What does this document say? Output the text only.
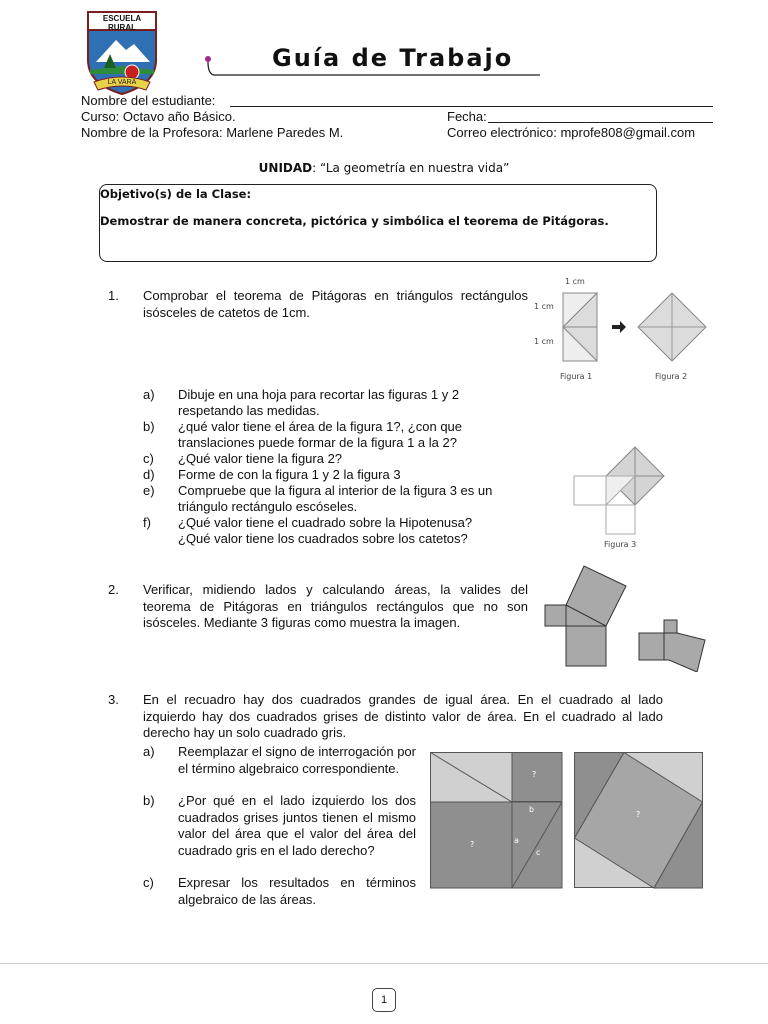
ESCUELA RURAL
LA VARA
Guía de Trabajo
Nombre del estudiante:
Curso: Octavo año Básico.	Fecha:
Nombre de la Profesora: Marlene Paredes M.	Correo electrónico: mprofe808@gmail.com
UNIDAD: “La geometría en nuestra vida”
Objetivo(s) de la Clase:
Demostrar de manera concreta, pictórica y simbólica el teorema de Pitágoras.
1. Comprobar el teorema de Pitágoras en triángulos rectángulos isósceles de catetos de 1cm.
a) Dibuje en una hoja para recortar las figuras 1 y 2
respetando las medidas.
b) ¿qué valor tiene el área de la figura 1?, ¿con que
translaciones puede formar de la figura 1 a la 2?
c) ¿Qué valor tiene la figura 2?
d) Forme de con la figura 1 y 2 la figura 3
e) Compruebe que la figura al interior de la figura 3 es un
triángulo rectángulo escóseles.
f) ¿Qué valor tiene el cuadrado sobre la Hipotenusa?
¿Qué valor tiene los cuadrados sobre los catetos?
1 cm
1 cm
1 cm
Figura 1	Figura 2
Figura 3
2. Verificar, midiendo lados y calculando áreas, la valides del teorema de Pitágoras en triángulos rectángulos que no son isósceles. Mediante 3 figuras como muestra la imagen.
3. En el recuadro hay dos cuadrados grandes de igual área. En el cuadrado al lado izquierdo hay dos cuadrados grises de distinto valor de área. En el cuadrado al lado derecho hay un solo cuadrado gris.
a) Reemplazar el signo de interrogación por el término algebraico correspondiente.
b) ¿Por qué en el lado izquierdo los dos cuadrados grises juntos tienen el mismo valor del área que el valor del área del cuadrado gris en el lado derecho?
c) Expresar los resultados en términos algebraico de las áreas.
?
?	a
b
c
?
1
